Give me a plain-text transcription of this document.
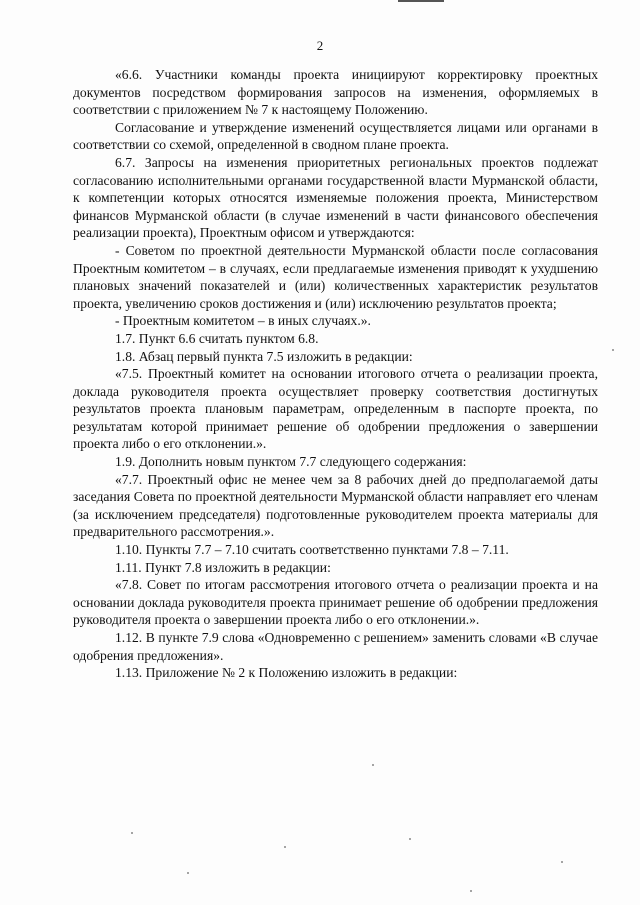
2

«6.6. Участники команды проекта инициируют корректировку проектных документов посредством формирования запросов на изменения, оформляемых в соответствии с приложением № 7 к настоящему Положению.

Согласование и утверждение изменений осуществляется лицами или органами в соответствии со схемой, определенной в сводном плане проекта.

6.7. Запросы на изменения приоритетных региональных проектов подлежат согласованию исполнительными органами государственной власти Мурманской области, к компетенции которых относятся изменяемые положения проекта, Министерством финансов Мурманской области (в случае изменений в части финансового обеспечения реализации проекта), Проектным офисом и утверждаются:

- Советом по проектной деятельности Мурманской области после согласования Проектным комитетом – в случаях, если предлагаемые изменения приводят к ухудшению плановых значений показателей и (или) количественных характеристик результатов проекта, увеличению сроков достижения и (или) исключению результатов проекта;

- Проектным комитетом – в иных случаях.».

1.7. Пункт 6.6 считать пунктом 6.8.

1.8. Абзац первый пункта 7.5 изложить в редакции:

«7.5. Проектный комитет на основании итогового отчета о реализации проекта, доклада руководителя проекта осуществляет проверку соответствия достигнутых результатов проекта плановым параметрам, определенным в паспорте проекта, по результатам которой принимает решение об одобрении предложения о завершении проекта либо о его отклонении.».

1.9. Дополнить новым пунктом 7.7 следующего содержания:

«7.7. Проектный офис не менее чем за 8 рабочих дней до предполагаемой даты заседания Совета по проектной деятельности Мурманской области направляет его членам (за исключением председателя) подготовленные руководителем проекта материалы для предварительного рассмотрения.».

1.10. Пункты 7.7 – 7.10 считать соответственно пунктами 7.8 – 7.11.

1.11. Пункт 7.8 изложить в редакции:

«7.8. Совет по итогам рассмотрения итогового отчета о реализации проекта и на основании доклада руководителя проекта принимает решение об одобрении предложения руководителя проекта о завершении проекта либо о его отклонении.».

1.12. В пункте 7.9 слова «Одновременно с решением» заменить словами «В случае одобрения предложения».

1.13. Приложение № 2 к Положению изложить в редакции:
